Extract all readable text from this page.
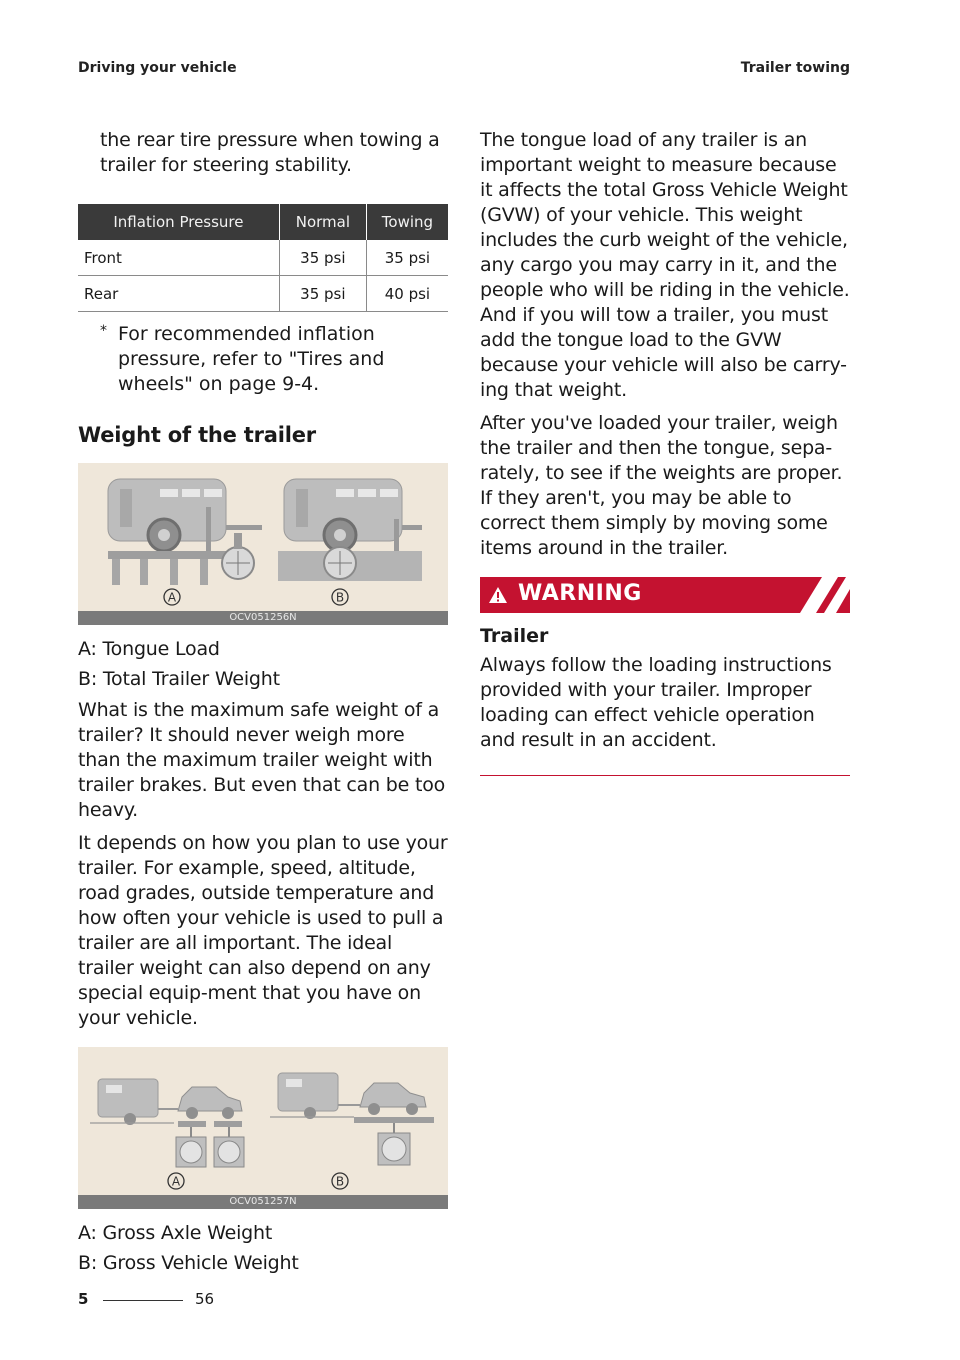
Driving your vehicle	Trailer towing

the rear tire pressure when towing a trailer for steering stability.

Inflation Pressure	Normal	Towing
Front	35 psi	35 psi
Rear	35 psi	40 psi
* For recommended inflation pressure, refer to "Tires and wheels" on page 9-4.
Weight of the trailer
A	B
OCV051256N

A: Tongue Load

B: Total Trailer Weight

What is the maximum safe weight of a trailer? It should never weigh more than the maximum trailer weight with trailer brakes. But even that can be too heavy.

It depends on how you plan to use your trailer. For example, speed, altitude, road grades, outside temperature and how often your vehicle is used to pull a trailer are all important. The ideal trailer weight can also depend on any special equip-ment that you have on your vehicle.

A	B
OCV051257N

A: Gross Axle Weight

B: Gross Vehicle Weight

The tongue load of any trailer is an important weight to measure because it affects the total Gross Vehicle Weight (GVW) of your vehicle. This weight includes the curb weight of the vehicle, any cargo you may carry in it, and the people who will be riding in the vehicle. And if you will tow a trailer, you must add the tongue load to the GVW because your vehicle will also be carry-ing that weight.

After you've loaded your trailer, weigh the trailer and then the tongue, sepa-rately, to see if the weights are proper. If they aren't, you may be able to correct them simply by moving some items around in the trailer.

WARNING
Trailer

Always follow the loading instructions provided with your trailer. Improper loading can effect vehicle operation and result in an accident.

5	56
